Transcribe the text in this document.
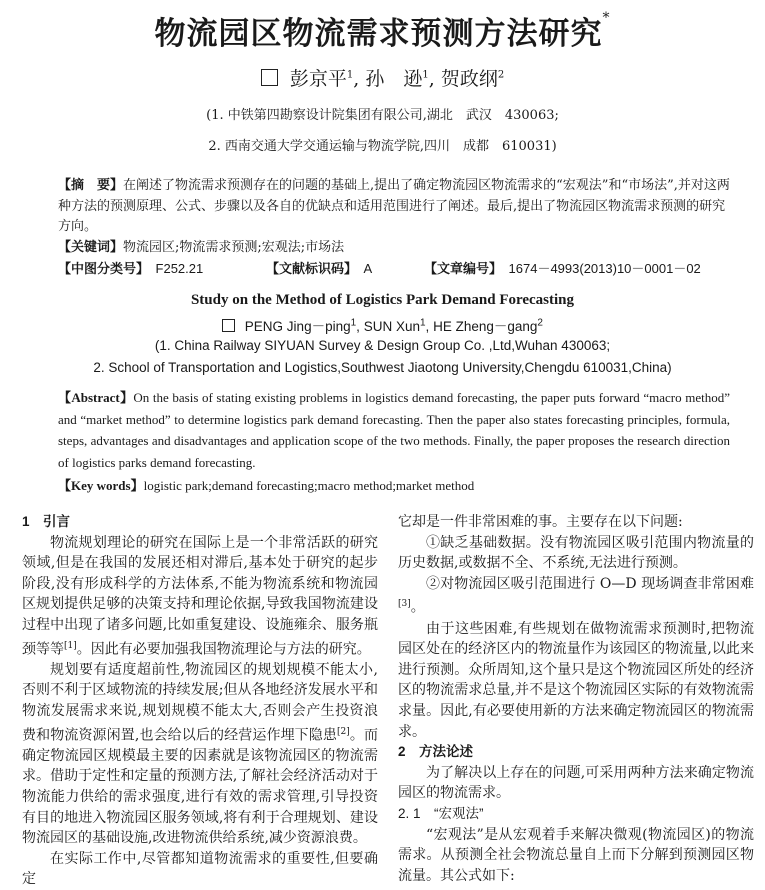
物流园区物流需求预测方法研究*
彭京平$^1$, 孙　逊$^1$, 贺政纲$^2$
(1. 中铁第四勘察设计院集团有限公司,湖北　武汉　430063;
2. 西南交通大学交通运输与物流学院,四川　成都　610031)
【摘　要】在阐述了物流需求预测存在的问题的基础上,提出了确定物流园区物流需求的“宏观法”和“市场法”,并对这两种方法的预测原理、公式、步骤以及各自的优缺点和适用范围进行了阐述。最后,提出了物流园区物流需求预测的研究方向。
【关键词】物流园区;物流需求预测;宏观法;市场法
【中图分类号】　 F252.21	【文献标识码】　 A	【文章编号】　 1674－4993(2013)10－0001－02
Study on the Method of Logistics Park Demand Forecasting
PENG Jing－ping$^1$, SUN Xun$^1$, HE Zheng－gang$^2$
(1. China Railway SIYUAN Survey & Design Group Co. ,Ltd,Wuhan 430063;
2. School of Transportation and Logistics,Southwest Jiaotong University,Chengdu 610031,China)
【Abstract】On the basis of stating existing problems in logistics demand forecasting, the paper puts forward “macro method” and “market method” to determine logistics park demand forecasting. Then the paper also states forecasting principles, formula, steps, advantages and disadvantages and application scope of the two methods. Finally, the paper proposes the research direction of logistics parks demand forecasting.
【Key words】logistic park;demand forecasting;macro method;market method

1　引言

物流规划理论的研究在国际上是一个非常活跃的研究领域,但是在我国的发展还相对滞后,基本处于研究的起步阶段,没有形成科学的方法体系,不能为物流系统和物流园区规划提供足够的决策支持和理论依据,导致我国物流建设过程中出现了诸多问题,比如重复建设、设施雍余、服务瓶颈等等[1]。因此有必要加强我国物流理论与方法的研究。

规划要有适度超前性,物流园区的规划规模不能太小,否则不利于区域物流的持续发展;但从各地经济发展水平和物流发展需求来说,规划规模不能太大,否则会产生投资浪费和物流资源闲置,也会给以后的经营运作埋下隐患[2]。而确定物流园区规模最主要的因素就是该物流园区的物流需求。借助于定性和定量的预测方法,了解社会经济活动对于物流能力供给的需求强度,进行有效的需求管理,引导投资有目的地进入物流园区服务领域,将有利于合理规划、建设物流园区的基础设施,改进物流供给系统,减少资源浪费。

在实际工作中,尽管都知道物流需求的重要性,但要确定

它却是一件非常困难的事。主要存在以下问题:

①缺乏基础数据。没有物流园区吸引范围内物流量的历史数据,或数据不全、不系统,无法进行预测。

②对物流园区吸引范围进行 O—D 现场调查非常困难[3]。

由于这些困难,有些规划在做物流需求预测时,把物流园区处在的经济区内的物流量作为该园区的物流量,以此来进行预测。众所周知,这个量只是这个物流园区所处的经济区的物流需求总量,并不是这个物流园区实际的有效物流需求量。因此,有必要使用新的方法来确定物流园区的物流需求。

2　方法论述

为了解决以上存在的问题,可采用两种方法来确定物流园区的物流需求。

2. 1　“宏观法”

“宏观法”是从宏观着手来解决微观(物流园区)的物流需求。从预测全社会物流总量自上而下分解到预测园区物流量。其公式如下:
